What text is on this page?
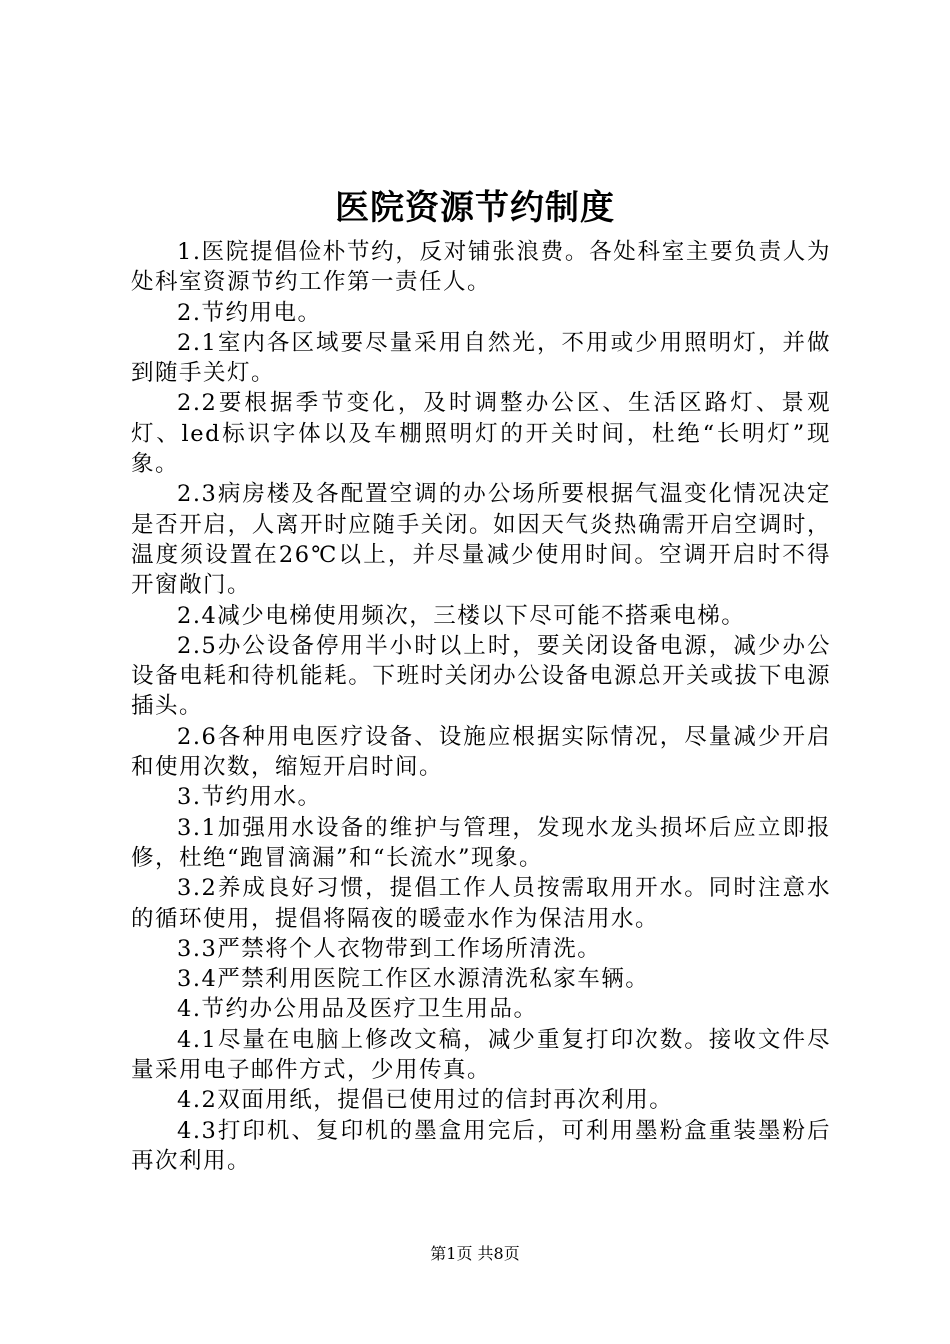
医院资源节约制度

1.医院提倡俭朴节约，反对铺张浪费。各处科室主要负责人为处科室资源节约工作第一责任人。

2.节约用电。

2.1室内各区域要尽量采用自然光，不用或少用照明灯，并做到随手关灯。

2.2要根据季节变化，及时调整办公区、生活区路灯、景观灯、led标识字体以及车棚照明灯的开关时间，杜绝“长明灯”现象。

2.3病房楼及各配置空调的办公场所要根据气温变化情况决定是否开启，人离开时应随手关闭。如因天气炎热确需开启空调时，温度须设置在26℃以上，并尽量减少使用时间。空调开启时不得开窗敞门。

2.4减少电梯使用频次，三楼以下尽可能不搭乘电梯。

2.5办公设备停用半小时以上时，要关闭设备电源，减少办公设备电耗和待机能耗。下班时关闭办公设备电源总开关或拔下电源插头。

2.6各种用电医疗设备、设施应根据实际情况，尽量减少开启和使用次数，缩短开启时间。

3.节约用水。

3.1加强用水设备的维护与管理，发现水龙头损坏后应立即报修，杜绝“跑冒滴漏”和“长流水”现象。

3.2养成良好习惯，提倡工作人员按需取用开水。同时注意水的循环使用，提倡将隔夜的暖壶水作为保洁用水。

3.3严禁将个人衣物带到工作场所清洗。

3.4严禁利用医院工作区水源清洗私家车辆。

4.节约办公用品及医疗卫生用品。

4.1尽量在电脑上修改文稿，减少重复打印次数。接收文件尽量采用电子邮件方式，少用传真。

4.2双面用纸，提倡已使用过的信封再次利用。

4.3打印机、复印机的墨盒用完后，可利用墨粉盒重装墨粉后再次利用。

第1页 共8页
